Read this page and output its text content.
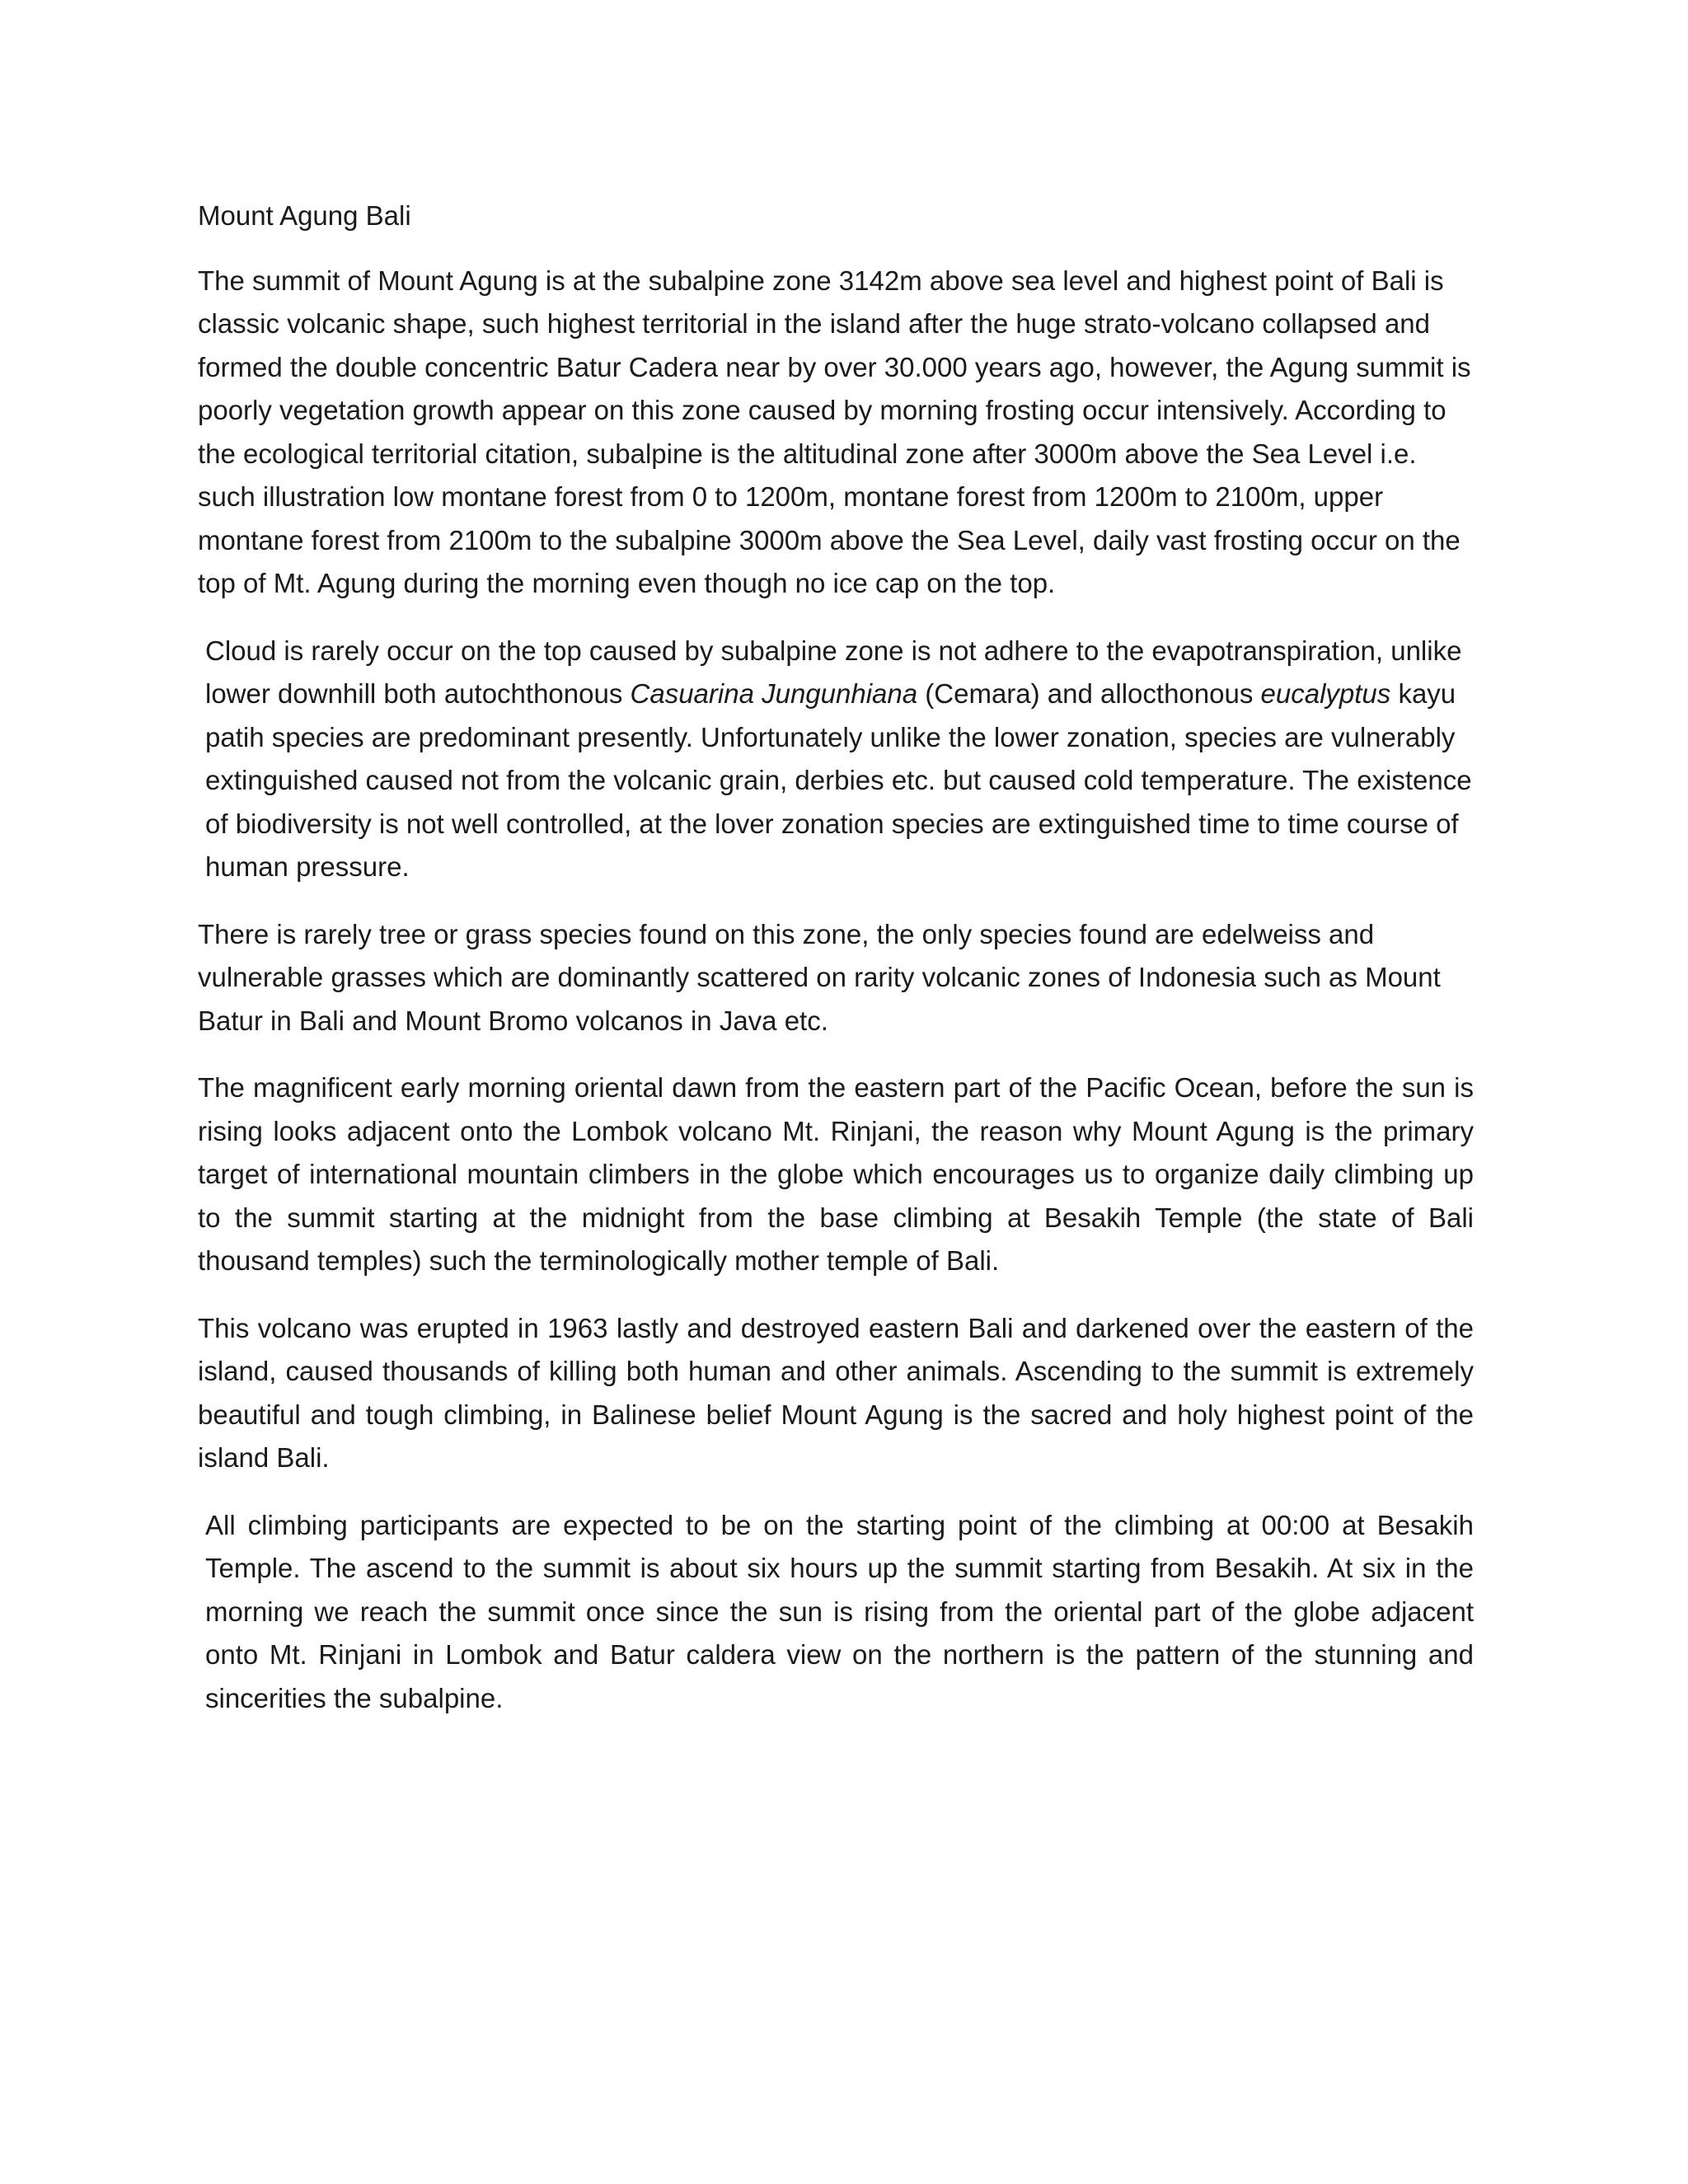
Mount Agung Bali

The summit of Mount Agung is at the subalpine zone 3142m above sea level and highest point of Bali is classic volcanic shape, such highest territorial in the island after the huge strato-volcano collapsed and formed the double concentric Batur Cadera near by over 30.000 years ago, however, the Agung summit is poorly vegetation growth appear on this zone caused by morning frosting occur intensively. According to the ecological territorial citation, subalpine is the altitudinal zone after 3000m above the Sea Level i.e. such illustration low montane forest from 0 to 1200m, montane forest from 1200m to 2100m, upper montane forest from 2100m to the subalpine 3000m above the Sea Level, daily vast frosting occur on the top of Mt. Agung during the morning even though no ice cap on the top.

Cloud is rarely occur on the top caused by subalpine zone is not adhere to the evapotranspiration, unlike lower downhill both autochthonous Casuarina Jungunhiana (Cemara) and allocthonous eucalyptus kayu patih species are predominant presently. Unfortunately unlike the lower zonation, species are vulnerably extinguished caused not from the volcanic grain, derbies etc. but caused cold temperature. The existence of biodiversity is not well controlled, at the lover zonation species are extinguished time to time course of human pressure.

There is rarely tree or grass species found on this zone, the only species found are edelweiss and vulnerable grasses which are dominantly scattered on rarity volcanic zones of Indonesia such as Mount Batur in Bali and Mount Bromo volcanos in Java etc.

The magnificent early morning oriental dawn from the eastern part of the Pacific Ocean, before the sun is rising looks adjacent onto the Lombok volcano Mt. Rinjani, the reason why Mount Agung is the primary target of international mountain climbers in the globe which encourages us to organize daily climbing up to the summit starting at the midnight from the base climbing at Besakih Temple (the state of Bali thousand temples) such the terminologically mother temple of Bali.

This volcano was erupted in 1963 lastly and destroyed eastern Bali and darkened over the eastern of the island, caused thousands of killing both human and other animals. Ascending to the summit is extremely beautiful and tough climbing, in Balinese belief Mount Agung is the sacred and holy highest point of the island Bali.

All climbing participants are expected to be on the starting point of the climbing at 00:00 at Besakih Temple. The ascend to the summit is about six hours up the summit starting from Besakih. At six in the morning we reach the summit once since the sun is rising from the oriental part of the globe adjacent onto Mt. Rinjani in Lombok and Batur caldera view on the northern is the pattern of the stunning and sincerities the subalpine.
